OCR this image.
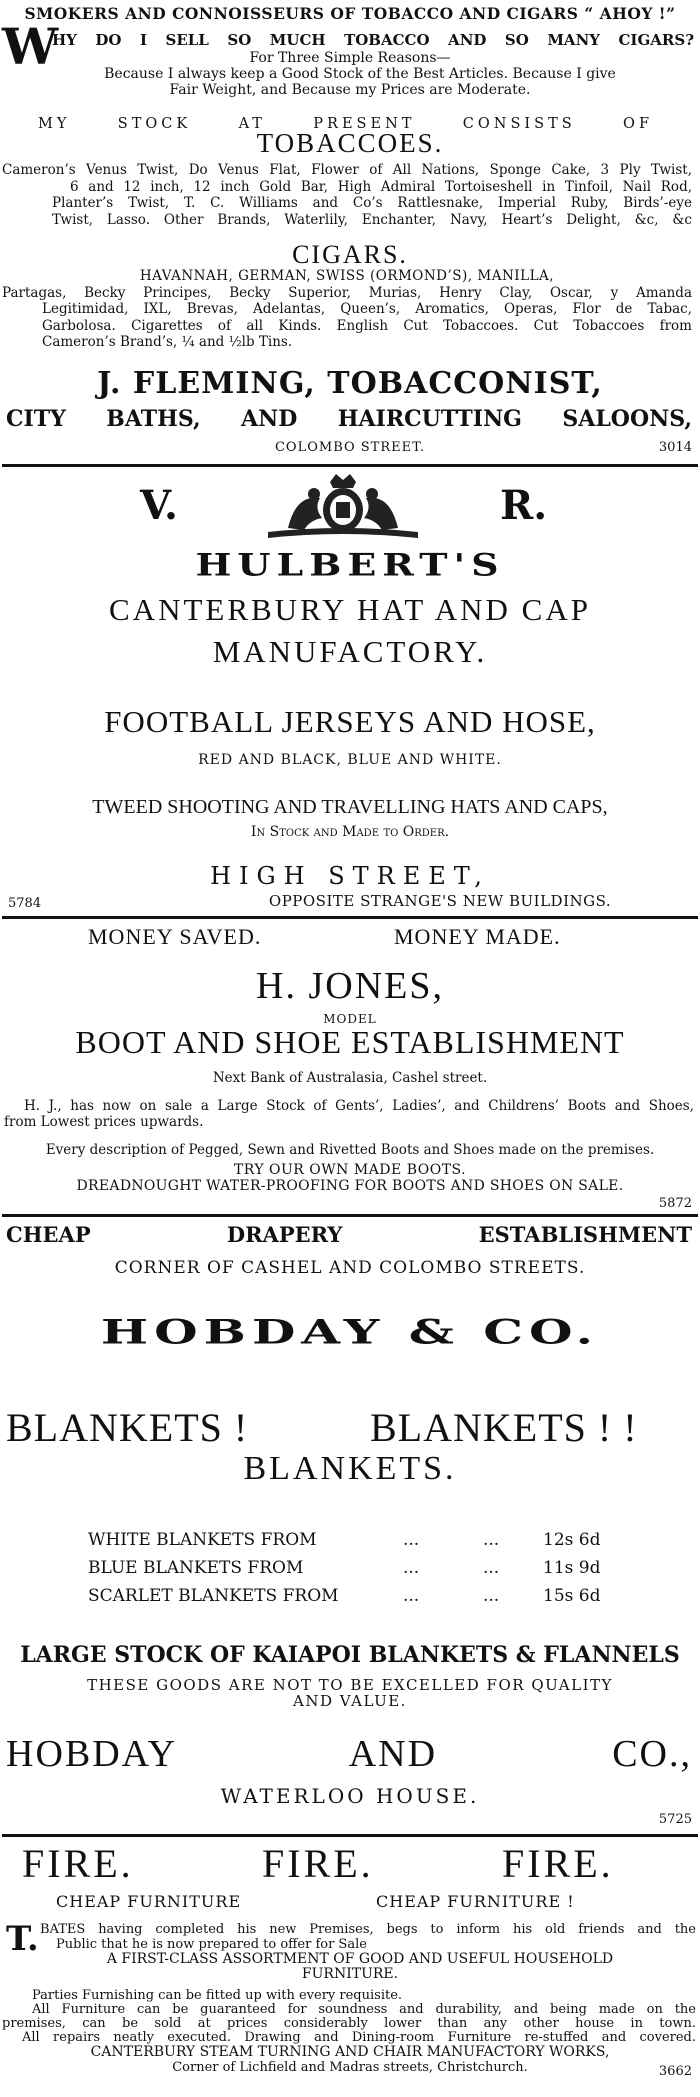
SMOKERS AND CONNOISSEURS OF TOBACCO AND CIGARS “ AHOY !”
W
HY DO I SELL SO MUCH TOBACCO AND SO MANY CIGARS?
For Three Simple Reasons—
Because I always keep a Good Stock of the Best Articles. Because I give
Fair Weight, and Because my Prices are Moderate.
MY STOCK AT PRESENT CONSISTS OF
TOBACCOES.
Cameron’s Venus Twist, Do Venus Flat, Flower of All Nations, Sponge Cake, 3 Ply Twist,
6 and 12 inch, 12 inch Gold Bar, High Admiral Tortoiseshell in Tinfoil, Nail Rod,
Planter’s Twist, T. C. Williams and Co’s Rattlesnake, Imperial Ruby, Birds’-eye
Twist, Lasso. Other Brands, Waterlily, Enchanter, Navy, Heart’s Delight, &c, &c
CIGARS.
HAVANNAH, GERMAN, SWISS (ORMOND’S), MANILLA,
Partagas, Becky Principes, Becky Superior, Murias, Henry Clay, Oscar, y Amanda
Legitimidad, IXL, Brevas, Adelantas, Queen’s, Aromatics, Operas, Flor de Tabac,
Garbolosa. Cigarettes of all Kinds. English Cut Tobaccoes. Cut Tobaccoes from
Cameron’s Brand’s, ¼ and ½lb Tins.
J. FLEMING, TOBACCONIST,
CITY BATHS, AND HAIRCUTTING SALOONS,
COLOMBO STREET.	3014
V.	R.
HULBERT'S
CANTERBURY HAT AND CAP
MANUFACTORY.
FOOTBALL JERSEYS AND HOSE,
RED AND BLACK, BLUE AND WHITE.
TWEED SHOOTING AND TRAVELLING HATS AND CAPS,
In Stock and Made to Order.
HIGH STREET,
5784	OPPOSITE STRANGE'S NEW BUILDINGS.
MONEY SAVED.	MONEY MADE.
H. JONES,
MODEL
BOOT AND SHOE ESTABLISHMENT
Next Bank of Australasia, Cashel street.
H. J., has now on sale a Large Stock of Gents’, Ladies’, and Childrens’ Boots and Shoes,
from Lowest prices upwards.
Every description of Pegged, Sewn and Rivetted Boots and Shoes made on the premises.
TRY OUR OWN MADE BOOTS.
DREADNOUGHT WATER-PROOFING FOR BOOTS AND SHOES ON SALE.
5872
CHEAP DRAPERY ESTABLISHMENT
CORNER OF CASHEL AND COLOMBO STREETS.
HOBDAY & CO.
BLANKETS !	BLANKETS ! !
BLANKETS.
WHITE BLANKETS FROM	...	...	12s 6d
BLUE BLANKETS FROM	...	...	11s 9d
SCARLET BLANKETS FROM	...	...	15s 6d
LARGE STOCK OF KAIAPOI BLANKETS & FLANNELS
THESE GOODS ARE NOT TO BE EXCELLED FOR QUALITY
AND VALUE.
HOBDAY AND CO.,
WATERLOO HOUSE.
5725
FIRE.	FIRE.	FIRE.
CHEAP FURNITURE	CHEAP FURNITURE !
T. BATES having completed his new Premises, begs to inform his old friends and the
Public that he is now prepared to offer for Sale
A FIRST-CLASS ASSORTMENT OF GOOD AND USEFUL HOUSEHOLD
FURNITURE.
Parties Furnishing can be fitted up with every requisite.
All Furniture can be guaranteed for soundness and durability, and being made on the
premises, can be sold at prices considerably lower than any other house in town.
All repairs neatly executed. Drawing and Dining-room Furniture re-stuffed and covered.
CANTERBURY STEAM TURNING AND CHAIR MANUFACTORY WORKS,
Corner of Lichfield and Madras streets, Christchurch.	3662
